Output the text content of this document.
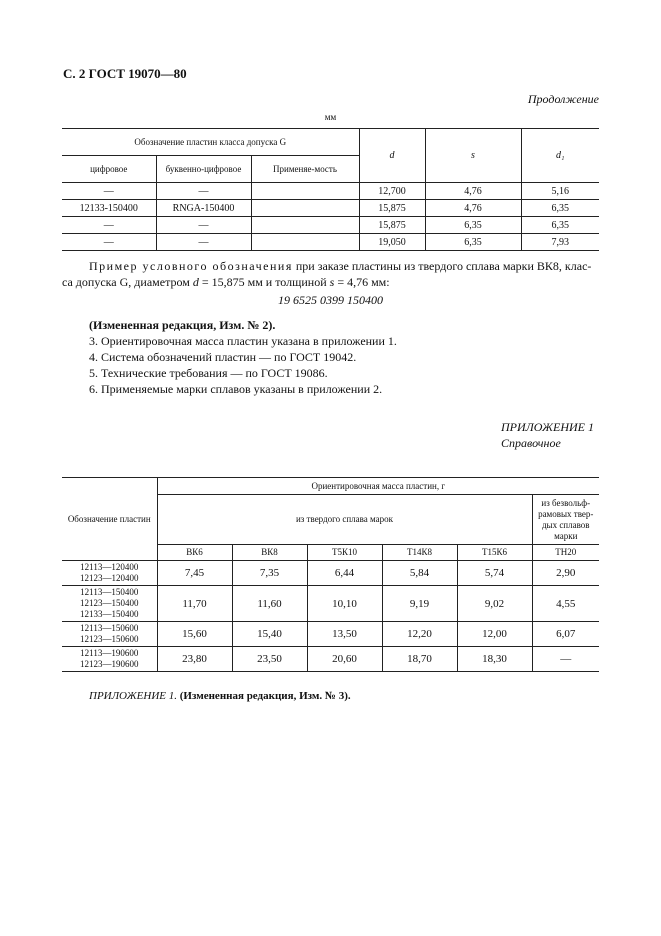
С. 2 ГОСТ 19070—80
Продолжение
мм
Обозначение пластин класса допуска G			d	s	d₁
цифровое	буквенно-цифровое	Применяе-мость			
—	—		12,700	4,76	5,16
12133-150400	RNGA-150400		15,875	4,76	6,35
—	—		15,875	6,35	6,35
—	—		19,050	6,35	7,93
Пример условного обозначения при заказе пластины из твердого сплава марки ВК8, клас-
са допуска G, диаметром d = 15,875 мм и толщиной s = 4,76 мм:
19 6525 0399 150400
(Измененная редакция, Изм. № 2).
3. Ориентировочная масса пластин указана в приложении 1.
4. Система обозначений пластин — по ГОСТ 19042.
5. Технические требования — по ГОСТ 19086.
6. Применяемые марки сплавов указаны в приложении 2.
ПРИЛОЖЕНИЕ 1
Справочное
Обозначение пластин	Ориентировочная масса пластин, г					
	из твердого сплава марок					из безвольф-рамовых твер-дых сплавов марки
	ВК6	ВК8	Т5К10	Т14К8	Т15К6	ТН20

12113—120400
12123—120400	7,45	7,35	6,44	5,84	5,74	2,90

12113—150400
12123—150400
12133—150400	11,70	11,60	10,10	9,19	9,02	4,55

12113—150600
12123—150600	15,60	15,40	13,50	12,20	12,00	6,07

12113—190600
12123—190600	23,80	23,50	20,60	18,70	18,30	—
ПРИЛОЖЕНИЕ 1. (Измененная редакция, Изм. № 3).
